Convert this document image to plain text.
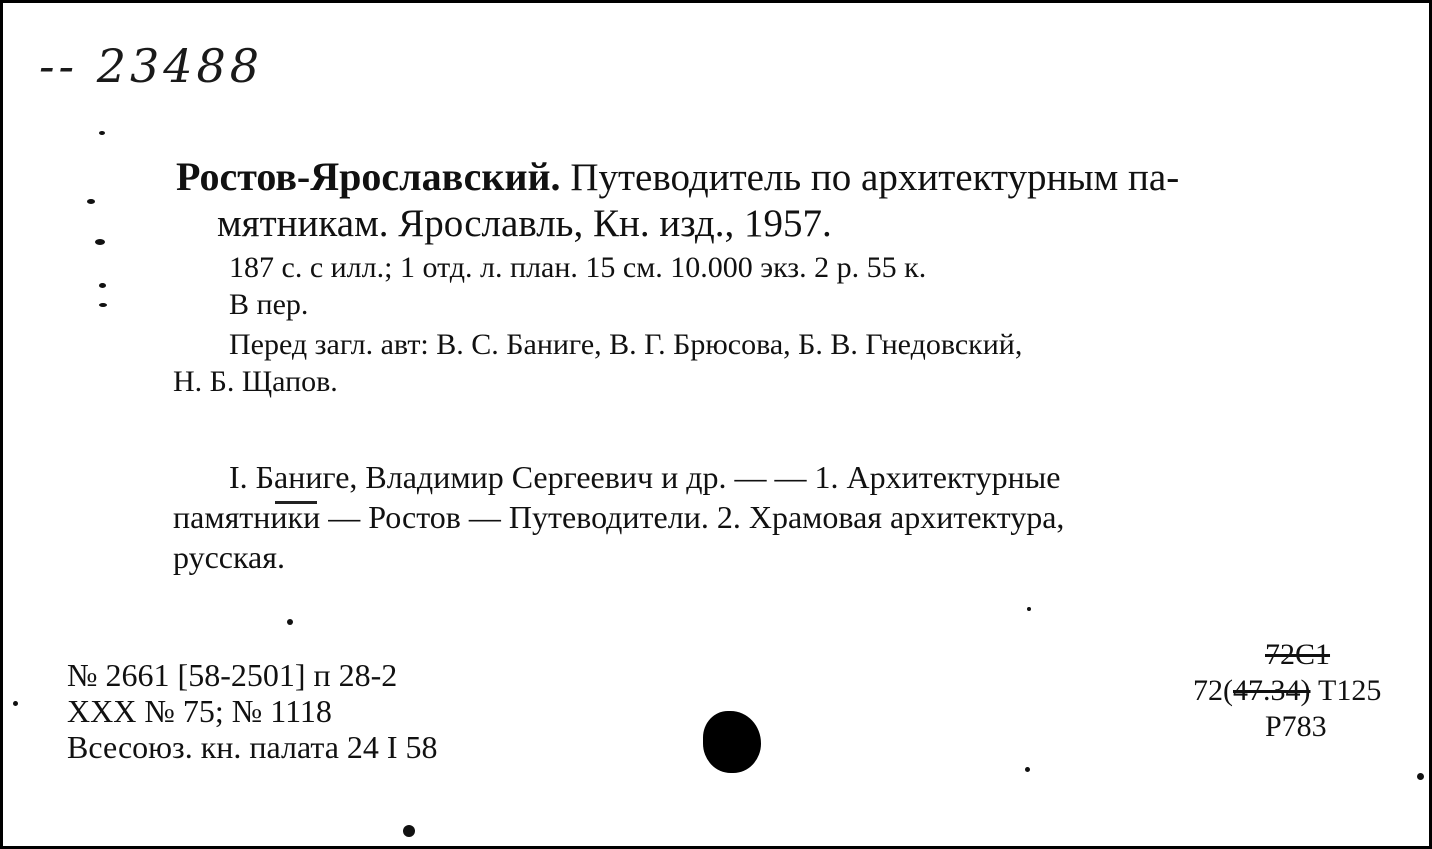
-- 23488
Ростов-Ярославский. Путеводитель по архитектурным па-
мятникам. Ярославль, Кн. изд., 1957.
187 с. с илл.; 1 отд. л. план. 15 см. 10.000 экз. 2 р. 55 к.
В пер.
Перед загл. авт: В. С. Баниге, В. Г. Брюсова, Б. В. Гнедовский,
Н. Б. Щапов.
I. Баниге, Владимир Сергеевич и др. — — 1. Архитектурные
памятники — Ростов — Путеводители. 2. Храмовая архитектура,
русская.
№ 2661 [58-2501] п 28-2
XXX № 75; № 1118
Всесоюз. кн. палата 24 I 58
72С1
72(47.34) Т125
Р783
